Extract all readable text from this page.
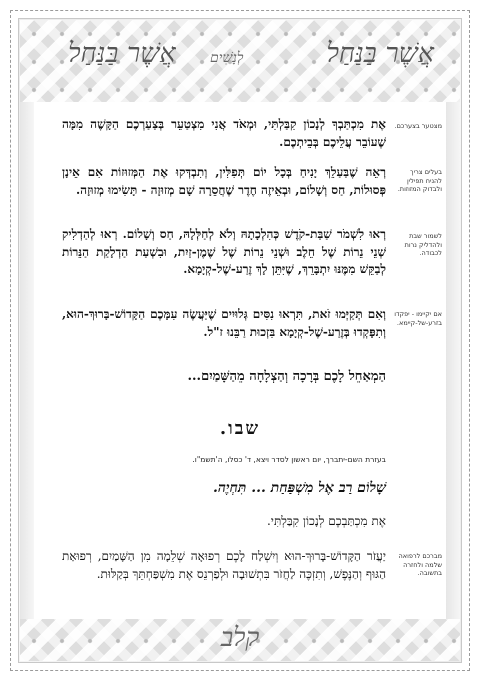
אֲשֶׁר בַּנַּחַל
לְנָשִׁים
אֲשֶׁר בַּנַּחַל
מצטער בצערכם.
אֶת מִכְתַּבְךָ לְנָכוֹן קִבַּלְתִּי, וּמְאֹד אֲנִי מִצְטַעֵר בְּצַעַרְכֶם הַקָּשֶׁה מִמָּה שֶׁעוֹבֵר עֲלֵיכֶם בְּבֵיתְכֶם.
בעלים צריך להניח תפילין ולבדוק המזוזות.
רְאֵה שֶׁבַּעַלֵךְ יָנִיחַ בְּכָל יוֹם תְּפִלִּין, וְתִבְדְּקוּ אֶת הַמְּזוּזוֹת אִם אֵינָן פְּסוּלוֹת, חַס וְשָׁלוֹם, וּבְאֵיזֶה חֶדֶר שֶׁחֲסֵרָה שָׁם מְזוּזָה - תָּשִׂימוּ מְזוּזָה.
לשמור שבת ולהדליק נרות לכבודה.
רְאוּ לִשְׁמֹר שַׁבַּת-קֹדֶשׁ כְּהִלְכָתָהּ וְלֹא לְחַלְּלָהּ, חַס וְשָׁלוֹם. רְאוּ לְהַדְלִיק שְׁנֵי נֵרוֹת שֶׁל חֵלֶב וּשְׁנֵי נֵרוֹת שֶׁל שֶׁמֶן-זַיִת, וּבִשְׁעַת הַדְלָקַת הַנֵּרוֹת לְבַקֵּשׁ מִמֶּנּוּ יִתְבָּרֵךְ, שֶׁיִּתֵּן לָךְ זֶרַע-שֶׁל-קְיָמָא.
אם יקיימו - יפקדו בזרע-של-קיימא.
וְאִם תְּקַיְּמוּ זֹאת, תִּרְאוּ נִסִּים גְּלוּיִים שֶׁיַּעֲשֶׂה עִמָּכֶם הַקָּדוֹשׁ-בָּרוּךְ-הוּא, וְתִפָּקְדוּ בְּזֶרַע-שֶׁל-קְיָמָא בִּזְכוּת רַבֵּנוּ ז"ל.
הַמְאַחֵל לָכֶם בְּרָכָה וְהַצְלָחָה מֵהַשָּׁמַיִם...
שבו.
בעזרת השם-יתברך, יום ראשון לסדר ויצא, ד' כסלו, ה'תשמ"ו.
שָׁלוֹם רַב אֶל מִשְׁפַּחַת ... תִּחְיֶה.
אֶת מִכְתַּבְכֶם לְנָכוֹן קִבַּלְתִּי.
מברכם לרפואה שלמה ולחזרה בתשובה.
יַעֲזֹר הַקָּדוֹשׁ-בָּרוּךְ-הוּא וְיִשְׁלַח לָכֶם רְפוּאָה שְׁלֵמָה מִן הַשָּׁמַיִם, רְפוּאַת הַגּוּף וְהַנֶּפֶשׁ, וְתִזְכֶּה לַחֲזֹר בִּתְשׁוּבָה וּלְפַרְנֵס אֶת מִשְׁפַּחְתֵּךְ בְּקַלּוּת.
קלב
